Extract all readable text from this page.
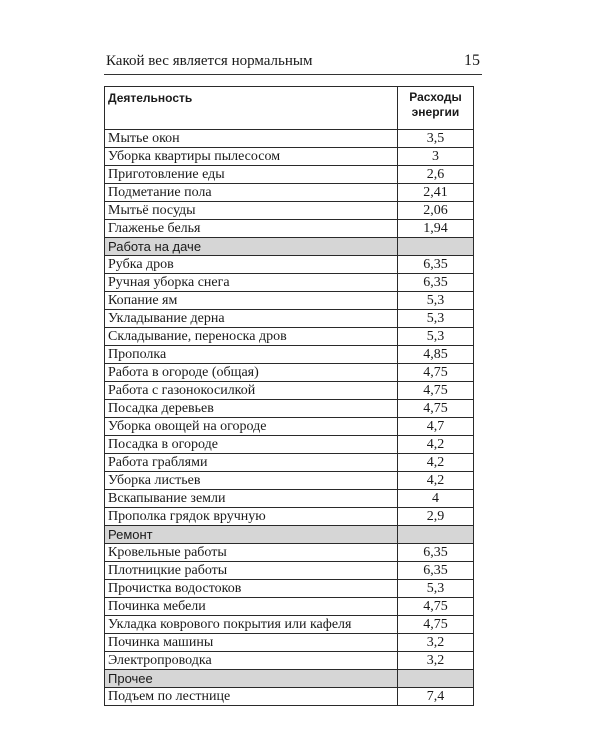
Какой вес является нормальным	15
Деятельность	Расходы
энергии
Мытье окон	3,5
Уборка квартиры пылесосом	3
Приготовление еды	2,6
Подметание пола	2,41
Мытьё посуды	2,06
Глаженье белья	1,94
Работа на даче	
Рубка дров	6,35
Ручная уборка снега	6,35
Копание ям	5,3
Укладывание дерна	5,3
Складывание, переноска дров	5,3
Прополка	4,85
Работа в огороде (общая)	4,75
Работа с газонокосилкой	4,75
Посадка деревьев	4,75
Уборка овощей на огороде	4,7
Посадка в огороде	4,2
Работа граблями	4,2
Уборка листьев	4,2
Вскапывание земли	4
Прополка грядок вручную	2,9
Ремонт	
Кровельные работы	6,35
Плотницкие работы	6,35
Прочистка водостоков	5,3
Починка мебели	4,75
Укладка коврового покрытия или кафеля	4,75
Починка машины	3,2
Электропроводка	3,2
Прочее	
Подъем по лестнице	7,4
